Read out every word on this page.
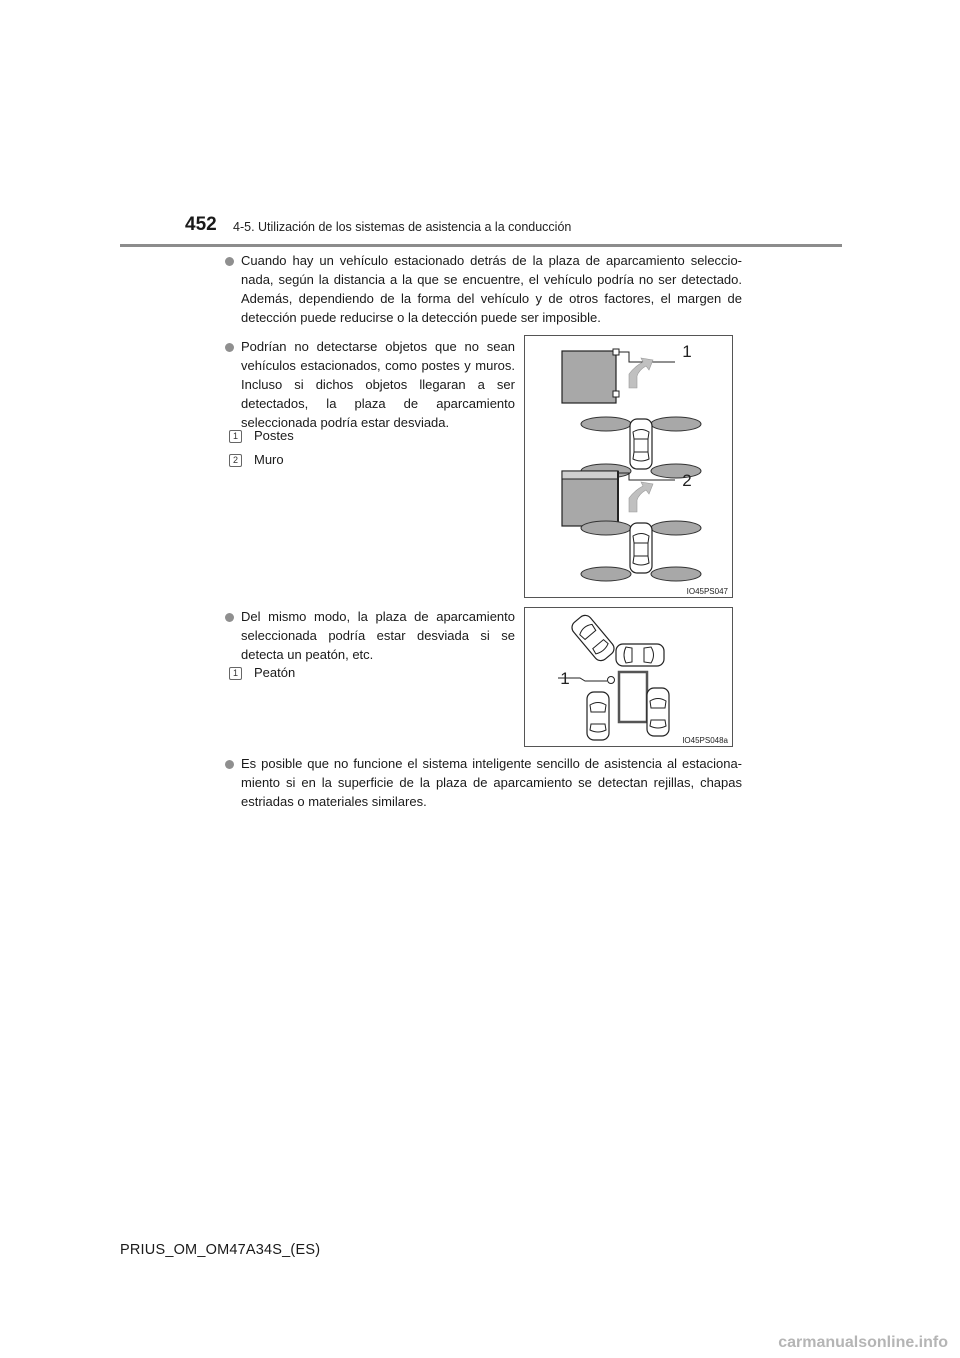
452 4-5. Utilización de los sistemas de asistencia a la conducción
Cuando hay un vehículo estacionado detrás de la plaza de aparcamiento seleccio-nada, según la distancia a la que se encuentre, el vehículo podría no ser detectado. Además, dependiendo de la forma del vehículo y de otros factores, el margen de detección puede reducirse o la detección puede ser imposible.
Podrían no detectarse objetos que no sean vehículos estacionados, como postes y muros. Incluso si dichos objetos llegaran a ser detectados, la plaza de aparcamiento seleccionada podría estar desviada.
1 Postes
2 Muro
1
2
IO45PS047
Del mismo modo, la plaza de aparcamiento seleccionada podría estar desviada si se detecta un peatón, etc.
1 Peatón	1
IO45PS048a
Es posible que no funcione el sistema inteligente sencillo de asistencia al estaciona-miento si en la superficie de la plaza de aparcamiento se detectan rejillas, chapas estriadas o materiales similares.
PRIUS_OM_OM47A34S_(ES)
carmanualsonline.info
